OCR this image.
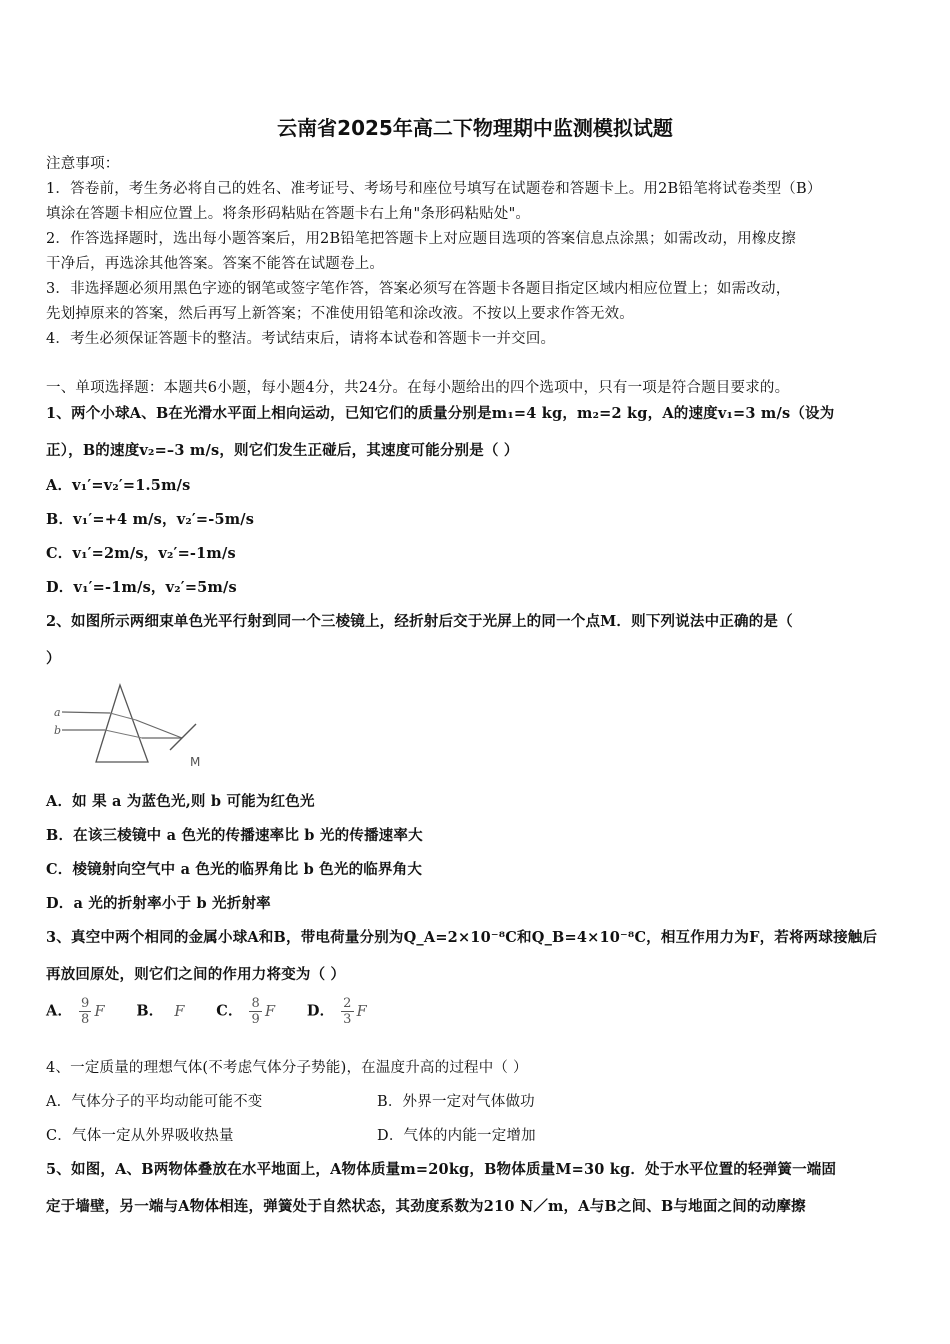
云南省2025年高二下物理期中监测模拟试题
注意事项：
1．答卷前，考生务必将自己的姓名、准考证号、考场号和座位号填写在试题卷和答题卡上。用2B铅笔将试卷类型（B）
填涂在答题卡相应位置上。将条形码粘贴在答题卡右上角"条形码粘贴处"。
2．作答选择题时，选出每小题答案后，用2B铅笔把答题卡上对应题目选项的答案信息点涂黑；如需改动，用橡皮擦
干净后，再选涂其他答案。答案不能答在试题卷上。
3．非选择题必须用黑色字迹的钢笔或签字笔作答，答案必须写在答题卡各题目指定区域内相应位置上；如需改动，
先划掉原来的答案，然后再写上新答案；不准使用铅笔和涂改液。不按以上要求作答无效。
4．考生必须保证答题卡的整洁。考试结束后，请将本试卷和答题卡一并交回。
一、单项选择题：本题共6小题，每小题4分，共24分。在每小题给出的四个选项中，只有一项是符合题目要求的。
1、两个小球A、B在光滑水平面上相向运动，已知它们的质量分别是m₁=4 kg，m₂=2 kg，A的速度v₁=3 m/s（设为
正），B的速度v₂=–3 m/s，则它们发生正碰后，其速度可能分别是（ ）
A．v₁′=v₂′=1.5m/s
B．v₁′=+4 m/s，v₂′=-5m/s
C．v₁′=2m/s，v₂′=-1m/s
D．v₁′=-1m/s，v₂′=5m/s
2、如图所示两细束单色光平行射到同一个三棱镜上，经折射后交于光屏上的同一个点M．则下列说法中正确的是（
）
a
b
M
A．如 果 a 为蓝色光,则 b 可能为红色光
B．在该三棱镜中 a 色光的传播速率比 b 光的传播速率大
C．棱镜射向空气中 a 色光的临界角比 b 色光的临界角大
D．a 光的折射率小于 b 光折射率
3、真空中两个相同的金属小球A和B，带电荷量分别为Q_A=2×10⁻⁸C和Q_B=4×10⁻⁸C，相互作用力为F，若将两球接触后
再放回原处，则它们之间的作用力将变为（ ）
A． $\frac{9}{8}$ F B． F C． $\frac{8}{9}$ F D． $\frac{2}{3}$ F
4、一定质量的理想气体(不考虑气体分子势能)，在温度升高的过程中（ ）
A．气体分子的平均动能可能不变	B．外界一定对气体做功
C．气体一定从外界吸收热量	D．气体的内能一定增加
5、如图，A、B两物体叠放在水平地面上，A物体质量m=20kg，B物体质量M=30 kg．处于水平位置的轻弹簧一端固
定于墙壁，另一端与A物体相连，弹簧处于自然状态，其劲度系数为210 N／m，A与B之间、B与地面之间的动摩擦
